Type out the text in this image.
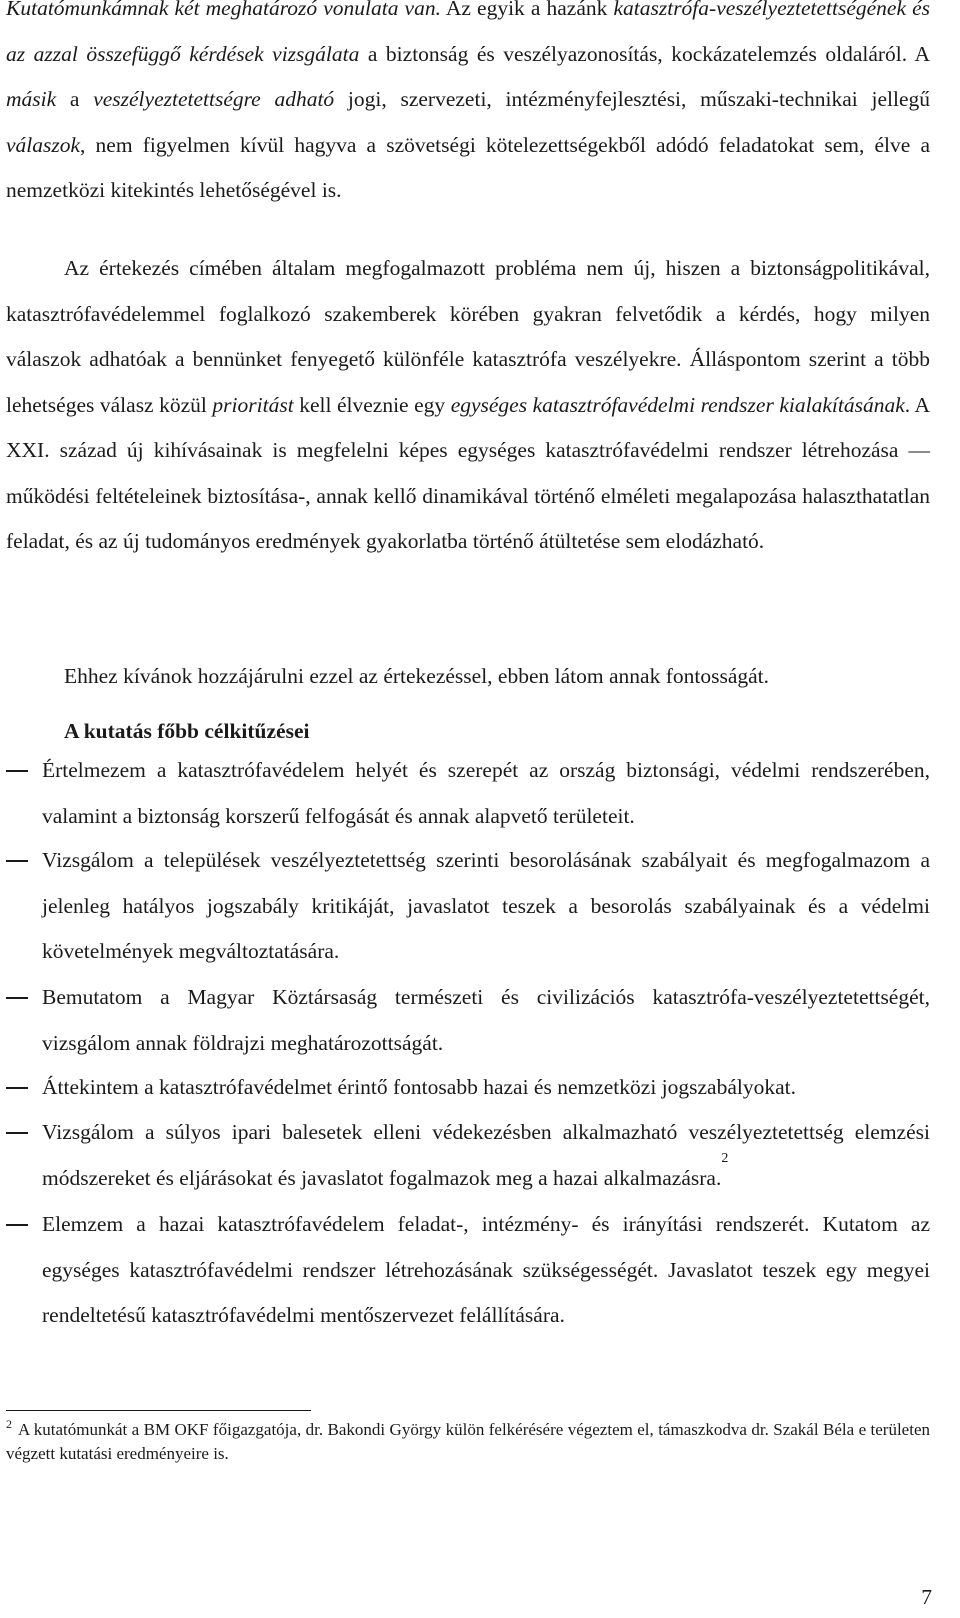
Kutatómunkámnak két meghatározó vonulata van. Az egyik a hazánk katasztrófa-veszélyeztetettségének és az azzal összefüggő kérdések vizsgálata a biztonság és veszélyazonosítás, kockázatelemzés oldaláról. A másik a veszélyeztetettségre adható jogi, szervezeti, intézményfejlesztési, műszaki-technikai jellegű válaszok, nem figyelmen kívül hagyva a szövetségi kötelezettségekből adódó feladatokat sem, élve a nemzetközi kitekintés lehetőségével is.

Az értekezés címében általam megfogalmazott probléma nem új, hiszen a biztonságpolitikával, katasztrófavédelemmel foglalkozó szakemberek körében gyakran felvetődik a kérdés, hogy milyen válaszok adhatóak a bennünket fenyegető különféle katasztrófa veszélyekre. Álláspontom szerint a több lehetséges válasz közül prioritást kell élveznie egy egységes katasztrófavédelmi rendszer kialakításának. A XXI. század új kihívásainak is megfelelni képes egységes katasztrófavédelmi rendszer létrehozása — működési feltételeinek biztosítása-, annak kellő dinamikával történő elméleti megalapozása halaszthatatlan feladat, és az új tudományos eredmények gyakorlatba történő átültetése sem elodázható.

Ehhez kívánok hozzájárulni ezzel az értekezéssel, ebben látom annak fontosságát.

A kutatás főbb célkitűzései
Értelmezem a katasztrófavédelem helyét és szerepét az ország biztonsági, védelmi rendszerében, valamint a biztonság korszerű felfogását és annak alapvető területeit.
Vizsgálom a települések veszélyeztetettség szerinti besorolásának szabályait és megfogalmazom a jelenleg hatályos jogszabály kritikáját, javaslatot teszek a besorolás szabályainak és a védelmi követelmények megváltoztatására.
Bemutatom a Magyar Köztársaság természeti és civilizációs katasztrófa-veszélyeztetettségét, vizsgálom annak földrajzi meghatározottságát.
Áttekintem a katasztrófavédelmet érintő fontosabb hazai és nemzetközi jogszabályokat.
Vizsgálom a súlyos ipari balesetek elleni védekezésben alkalmazható veszélyeztetettség elemzési módszereket és eljárásokat és javaslatot fogalmazok meg a hazai alkalmazásra.$^2$
Elemzem a hazai katasztrófavédelem feladat-, intézmény- és irányítási rendszerét. Kutatom az egységes katasztrófavédelmi rendszer létrehozásának szükségességét. Javaslatot teszek egy megyei rendeltetésű katasztrófavédelmi mentőszervezet felállítására.

$^2$ A kutatómunkát a BM OKF főigazgatója, dr. Bakondi György külön felkérésére végeztem el, támaszkodva dr. Szakál Béla e területen végzett kutatási eredményeire is.

7
